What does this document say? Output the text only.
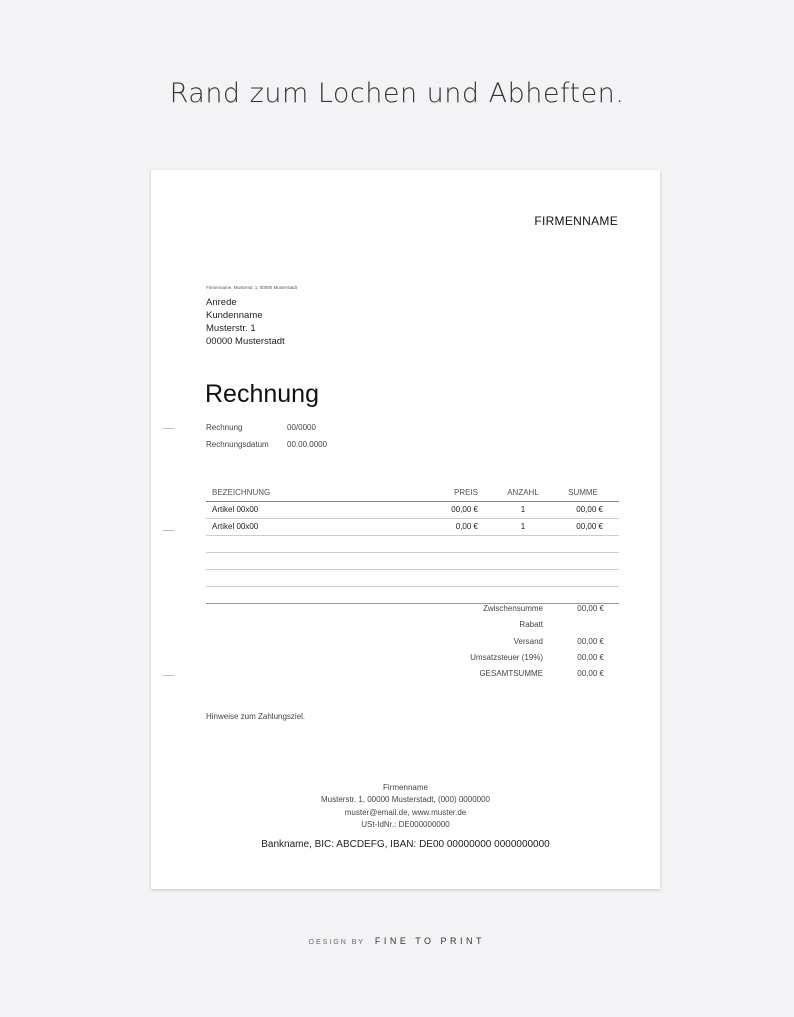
Rand zum Lochen und Abheften.
FIRMENNAME
Firmenname, Musterstr. 1, 00000 Musterstadt
Anrede
Kundenname
Musterstr. 1
00000 Musterstadt
Rechnung
Rechnung	00/0000
Rechnungsdatum 00.00.0000
BEZEICHNUNG	PREIS	ANZAHL	SUMME
Artikel 00x00	00,00 €	1	00,00 €
Artikel 00x00	0,00 €	1	00,00 €
Zwischensumme	00,00 €
Rabatt
Versand	00,00 €
Umsatzsteuer (19%)	00,00 €
GESAMTSUMME	00,00 €
Hinweise zum Zahlungsziel.
Firmenname
Musterstr. 1, 00000 Musterstadt, (000) 0000000
muster@email.de, www.muster.de
USt-IdNr.: DE000000000
Bankname, BIC: ABCDEFG, IBAN: DE00 00000000 0000000000
DESIGN BY FINE TO PRINT
